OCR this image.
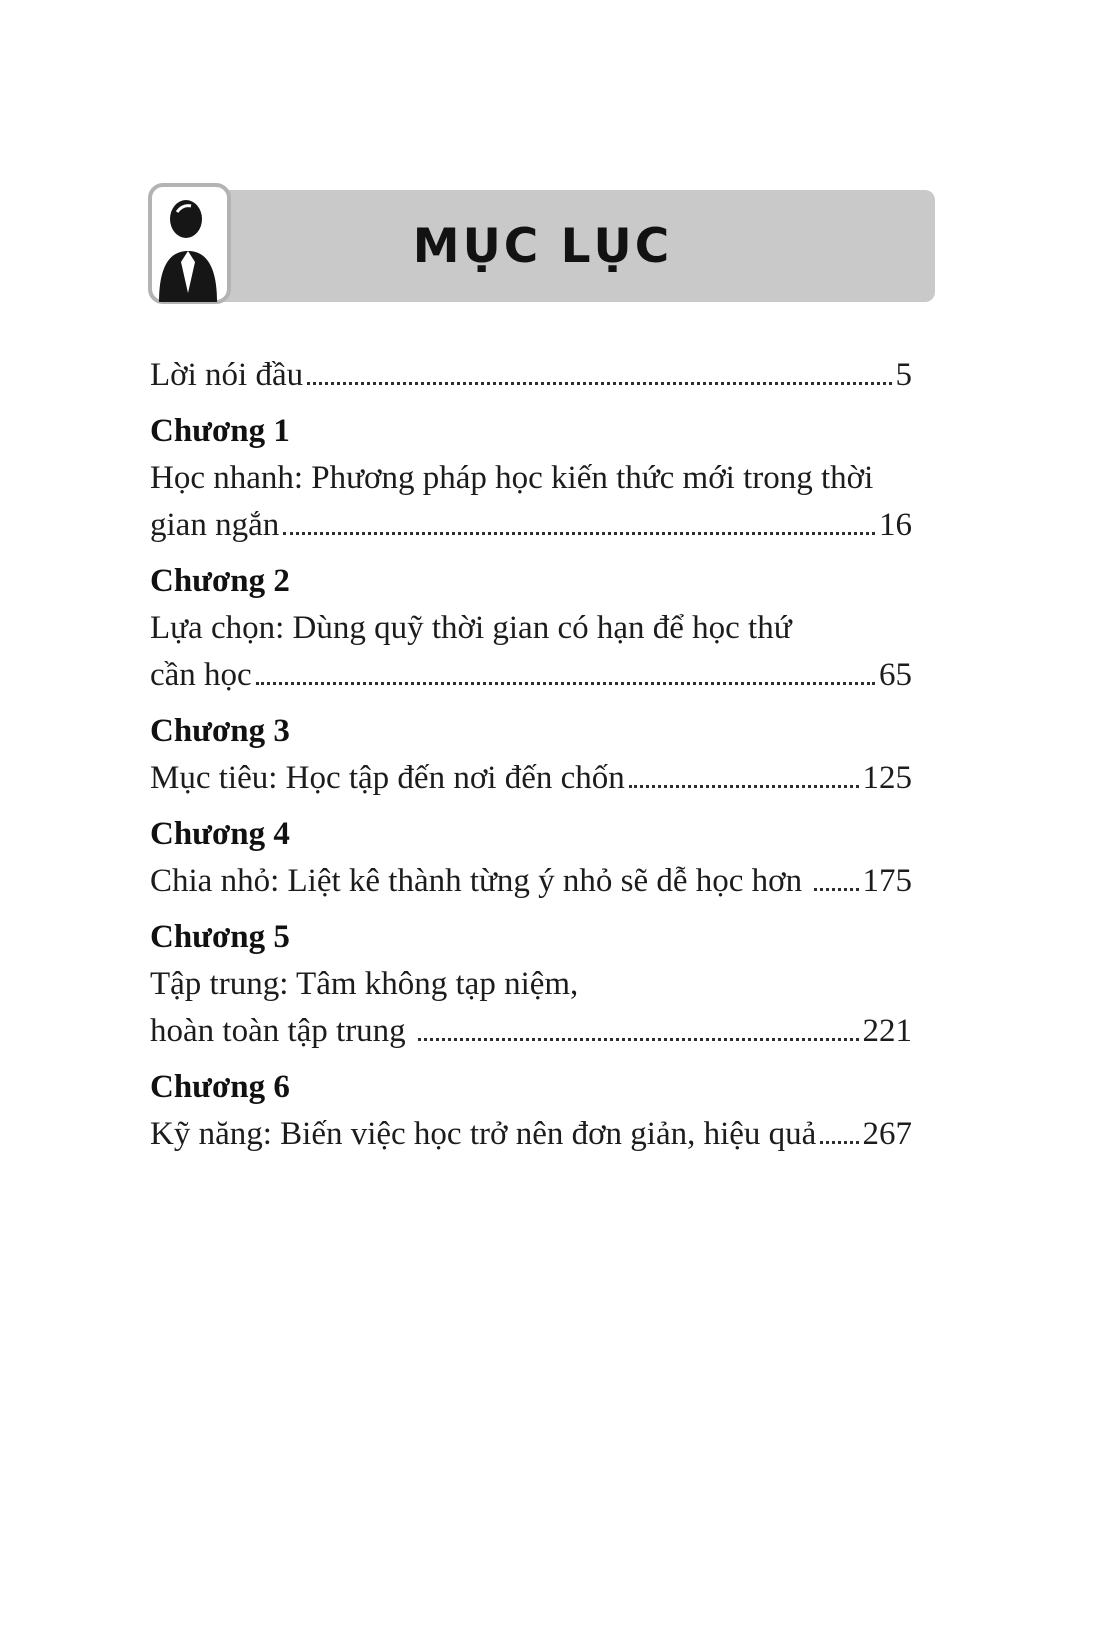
MỤC LỤC
Lời nói đầu	5
Chương 1
Học nhanh: Phương pháp học kiến thức mới trong thời
gian ngắn	16
Chương 2
Lựa chọn: Dùng quỹ thời gian có hạn để học thứ
cần học	65
Chương 3
Mục tiêu: Học tập đến nơi đến chốn	125
Chương 4
Chia nhỏ: Liệt kê thành từng ý nhỏ sẽ dễ học hơn 175
Chương 5
Tập trung: Tâm không tạp niệm,
hoàn toàn tập trung	221
Chương 6
Kỹ năng: Biến việc học trở nên đơn giản, hiệu quả 267
